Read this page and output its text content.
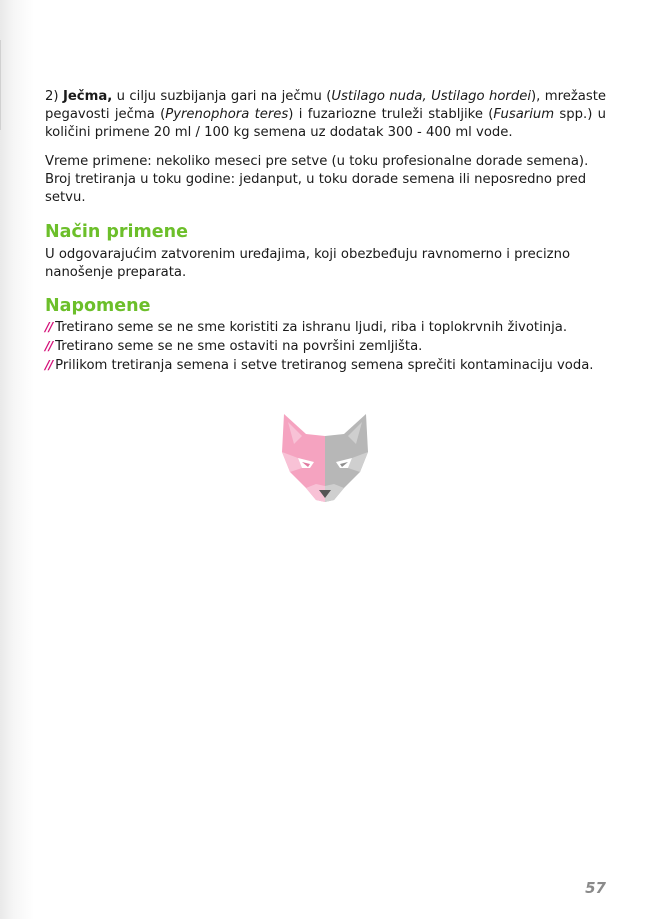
2) Ječma, u cilju suzbijanja gari na ječmu (Ustilago nuda, Ustilago hordei), mrežaste pegavosti ječma (Pyrenophora teres) i fuzariozne truleži stabljike (Fusarium spp.) u količini primene 20 ml / 100 kg semena uz dodatak 300 - 400 ml vode.

Vreme primene: nekoliko meseci pre setve (u toku profesionalne dorade semena).

Broj tretiranja u toku godine: jedanput, u toku dorade semena ili neposredno pred setvu.

Način primene

U odgovarajućim zatvorenim uređajima, koji obezbeđuju ravnomerno i precizno nanošenje preparata.

Napomene

// Tretirano seme se ne sme koristiti za ishranu ljudi, riba i toplokrvnih životinja.

// Tretirano seme se ne sme ostaviti na površini zemljišta.

// Prilikom tretiranja semena i setve tretiranog semena sprečiti kontaminaciju voda.

57
